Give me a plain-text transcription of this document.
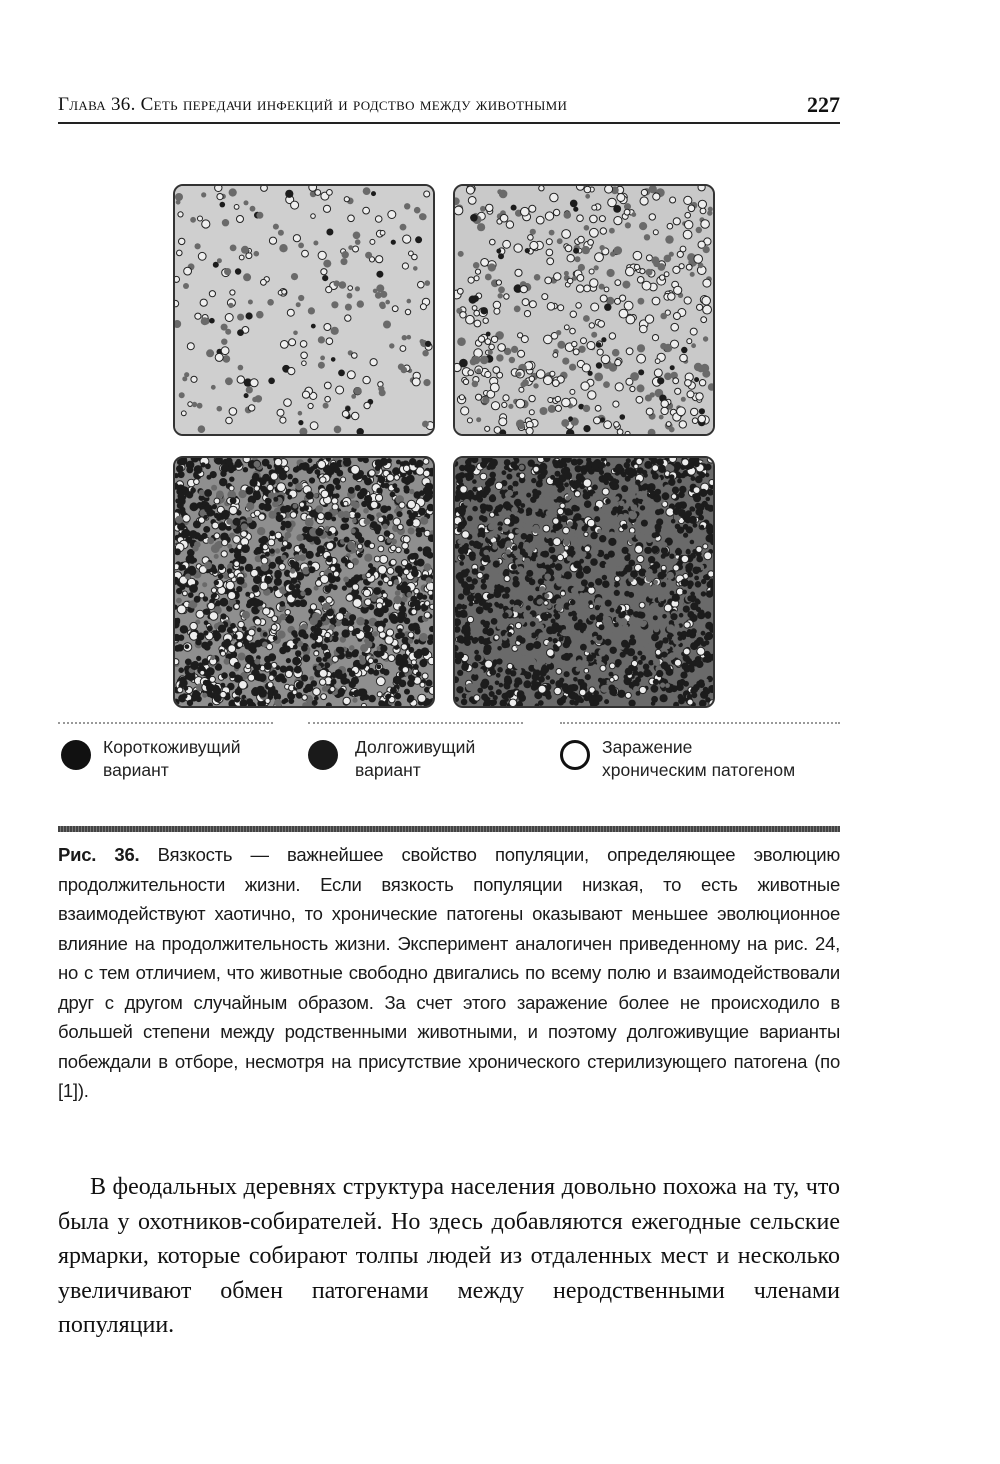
Глава 36. Сеть передачи инфекций и родство между животными	227
Короткоживущий
вариант
Долгоживущий
вариант
Заражение
хроническим патогеном
Рис. 36. Вязкость — важнейшее свойство популяции, определяющее эволюцию продолжительности жизни. Если вязкость популяции низкая, то есть животные взаимодействуют хаотично, то хронические патогены оказывают меньшее эволюционное влияние на продолжительность жизни. Эксперимент аналогичен приведенному на рис. 24, но с тем отличием, что животные свободно двигались по всему полю и взаимодействовали друг с другом случайным образом. За счет этого заражение более не происходило в большей степени между родственными животными, и поэтому долгоживущие варианты побеждали в отборе, несмотря на присутствие хронического стерилизующего патогена (по [1]).
В феодальных деревнях структура населения довольно похожа на ту, что была у охотников-собирателей. Но здесь добавляются ежегодные сельские ярмарки, которые собирают толпы людей из отдаленных мест и несколько увеличивают обмен патогенами между неродственными членами популяции.
